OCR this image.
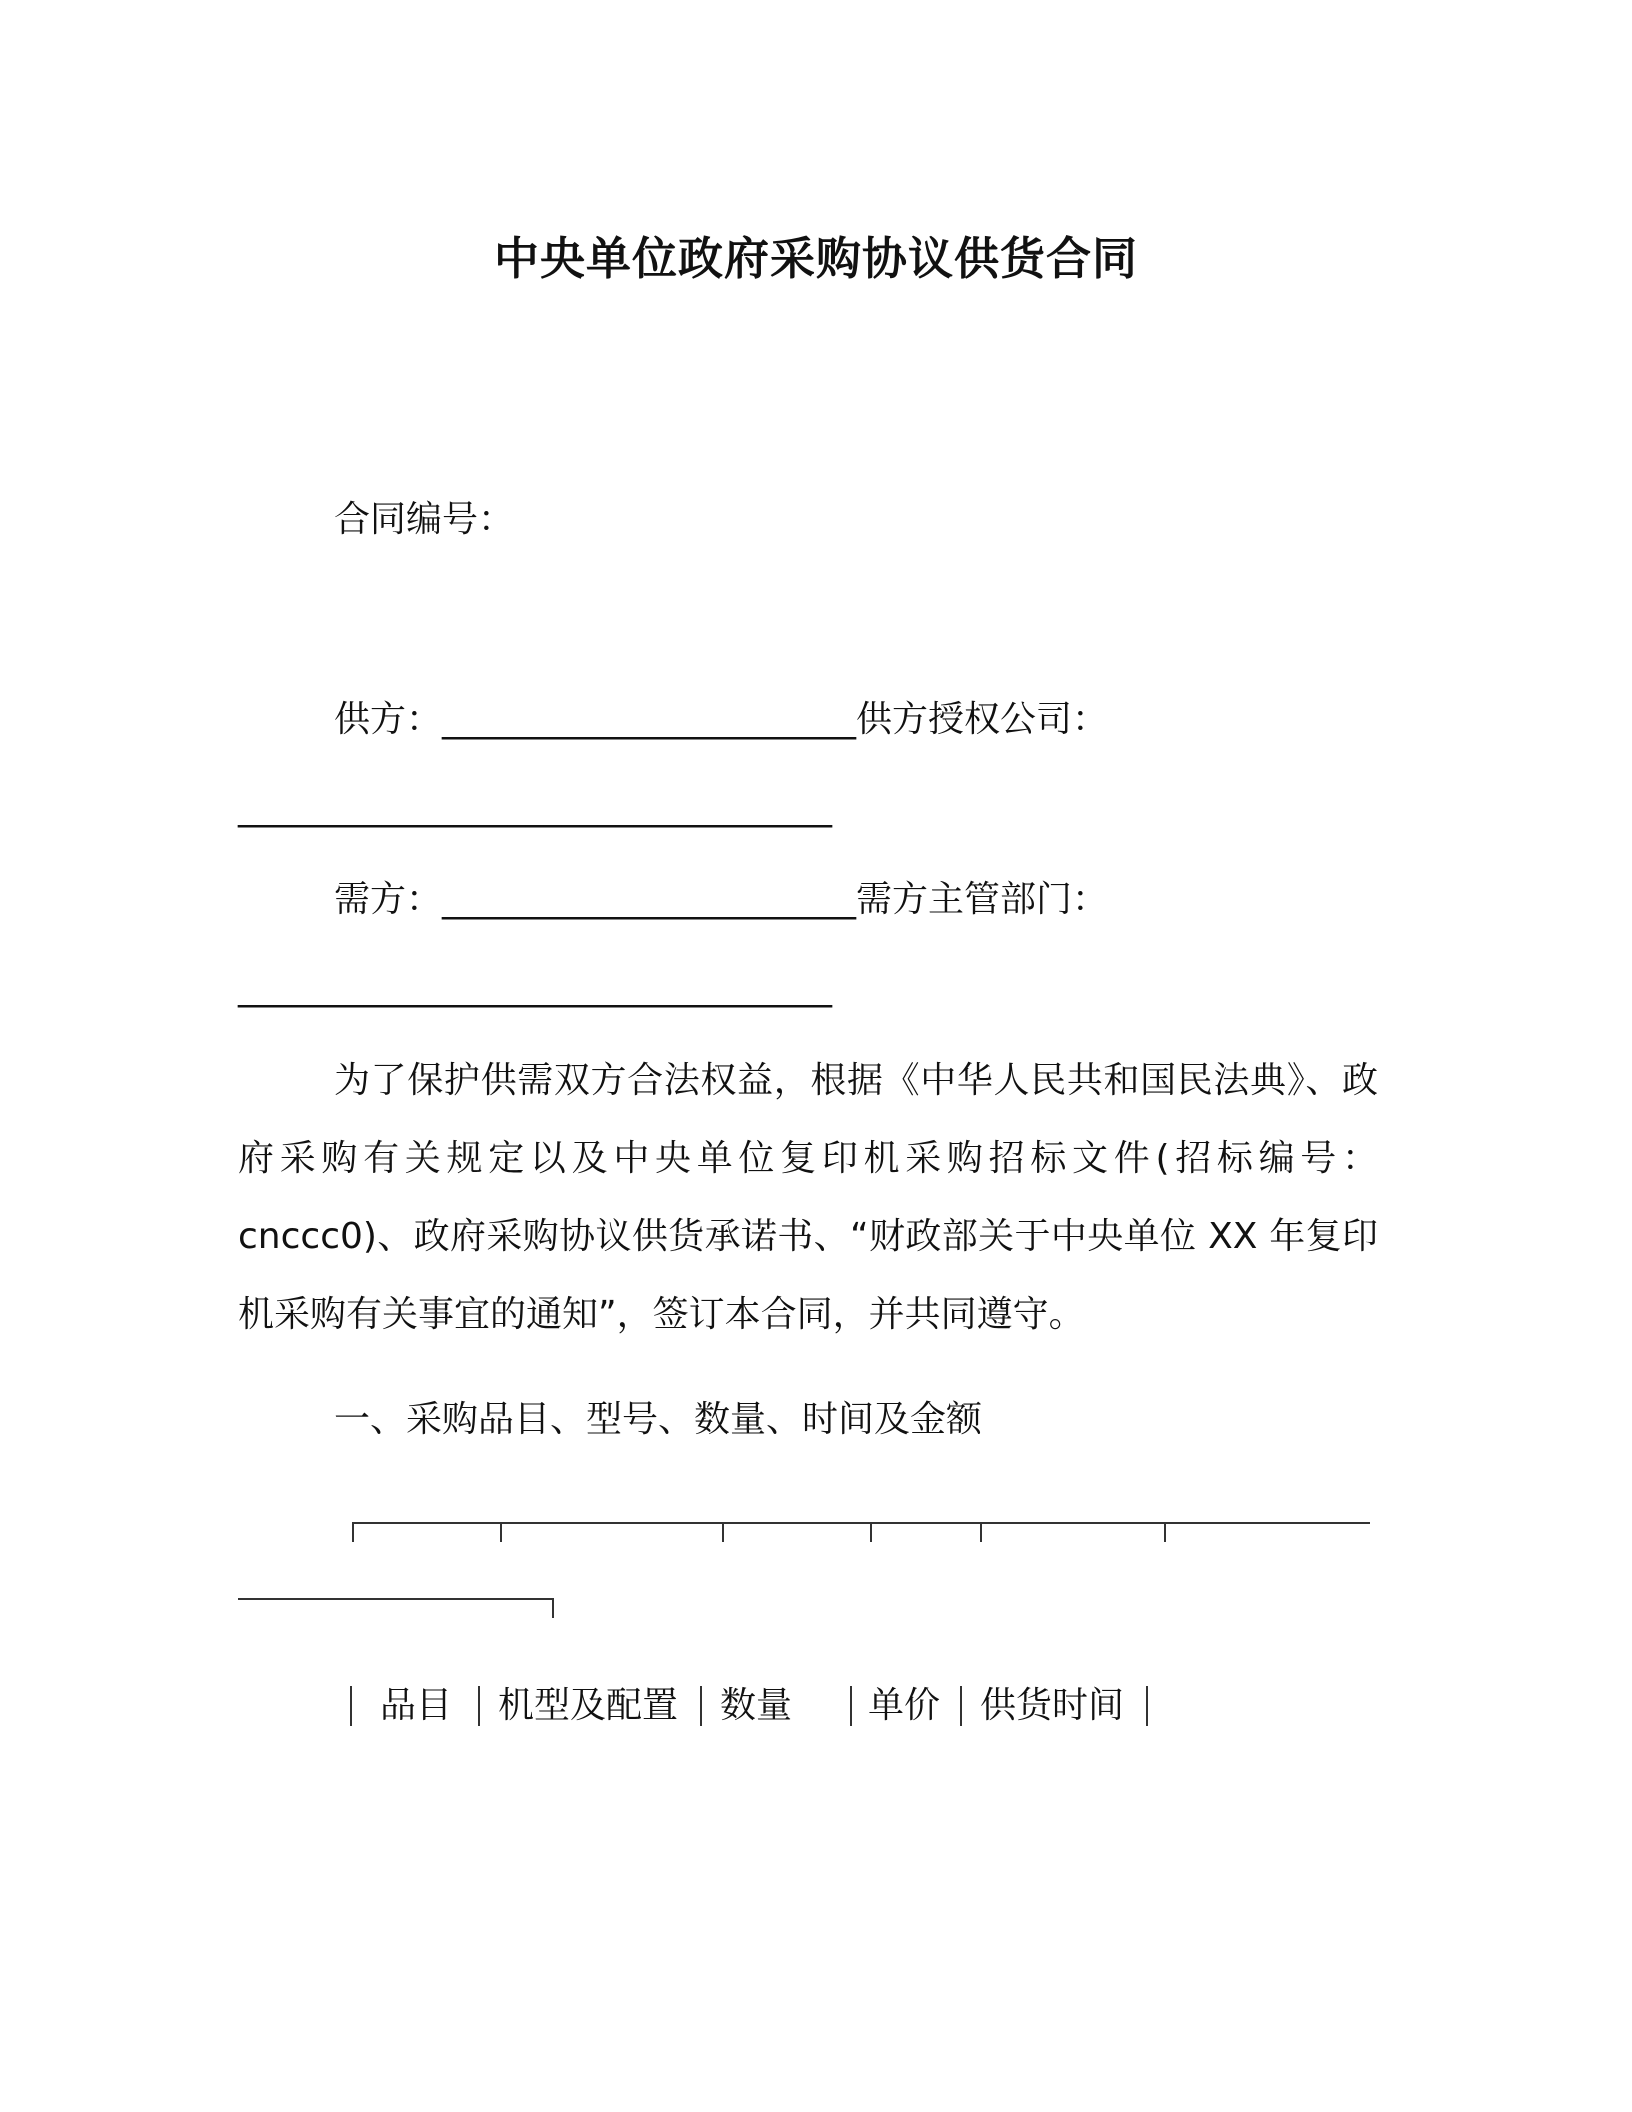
中央单位政府采购协议供货合同
合同编号：
供方：_______________________供方授权公司：
_________________________________
需方：_______________________需方主管部门：
_________________________________
为了保护供需双方合法权益，根据《中华人民共和国民法典》、政府采购有关规定以及中央单位复印机采购招标文件(招标编号：cnccc0)、政府采购协议供货承诺书、“财政部关于中央单位 XX 年复印机采购有关事宜的通知”，签订本合同，并共同遵守。
一、采购品目、型号、数量、时间及金额
品目 机型及配置 数量 单价 供货时间
